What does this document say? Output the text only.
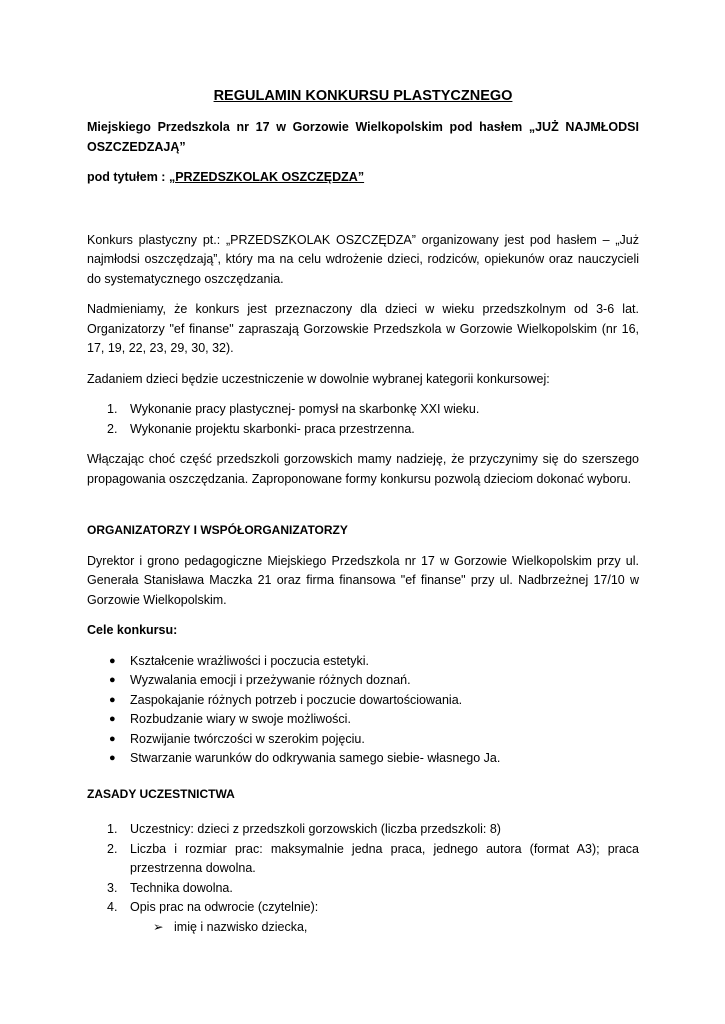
REGULAMIN KONKURSU PLASTYCZNEGO

Miejskiego Przedszkola nr 17 w Gorzowie Wielkopolskim pod hasłem „JUŻ NAJMŁODSI OSZCZEDZAJĄ”

pod tytułem : „PRZEDSZKOLAK OSZCZĘDZA”

Konkurs plastyczny pt.: „PRZEDSZKOLAK OSZCZĘDZA” organizowany jest pod hasłem – „Już najmłodsi oszczędzają”, który ma na celu wdrożenie dzieci, rodziców, opiekunów oraz nauczycieli do systematycznego oszczędzania.

Nadmieniamy, że konkurs jest przeznaczony dla dzieci w wieku przedszkolnym od 3-6 lat. Organizatorzy "ef finanse" zapraszają Gorzowskie Przedszkola w Gorzowie Wielkopolskim (nr 16, 17, 19, 22, 23, 29, 30, 32).

Zadaniem dzieci będzie uczestniczenie w dowolnie wybranej kategorii konkursowej:

1. Wykonanie pracy plastycznej- pomysł na skarbonkę XXI wieku.
2. Wykonanie projektu skarbonki- praca przestrzenna.

Włączając choć część przedszkoli gorzowskich mamy nadzieję, że przyczynimy się do szerszego propagowania oszczędzania. Zaproponowane formy konkursu pozwolą dzieciom dokonać wyboru.

ORGANIZATORZY I WSPÓŁORGANIZATORZY

Dyrektor i grono pedagogiczne Miejskiego Przedszkola nr 17 w Gorzowie Wielkopolskim przy ul. Generała Stanisława Maczka 21 oraz firma finansowa "ef finanse" przy ul. Nadbrzeżnej 17/10 w Gorzowie Wielkopolskim.

Cele konkursu:

● Kształcenie wrażliwości i poczucia estetyki.
● Wyzwalania emocji i przeżywanie różnych doznań.
● Zaspokajanie różnych potrzeb i poczucie dowartościowania.
● Rozbudzanie wiary w swoje możliwości.
● Rozwijanie twórczości w szerokim pojęciu.
● Stwarzanie warunków do odkrywania samego siebie- własnego Ja.

ZASADY UCZESTNICTWA

1. Uczestnicy: dzieci z przedszkoli gorzowskich (liczba przedszkoli: 8)
2. Liczba i rozmiar prac: maksymalnie jedna praca, jednego autora (format A3); praca przestrzenna dowolna.
3. Technika dowolna.
4. Opis prac na odwrocie (czytelnie):
➢ imię i nazwisko dziecka,
